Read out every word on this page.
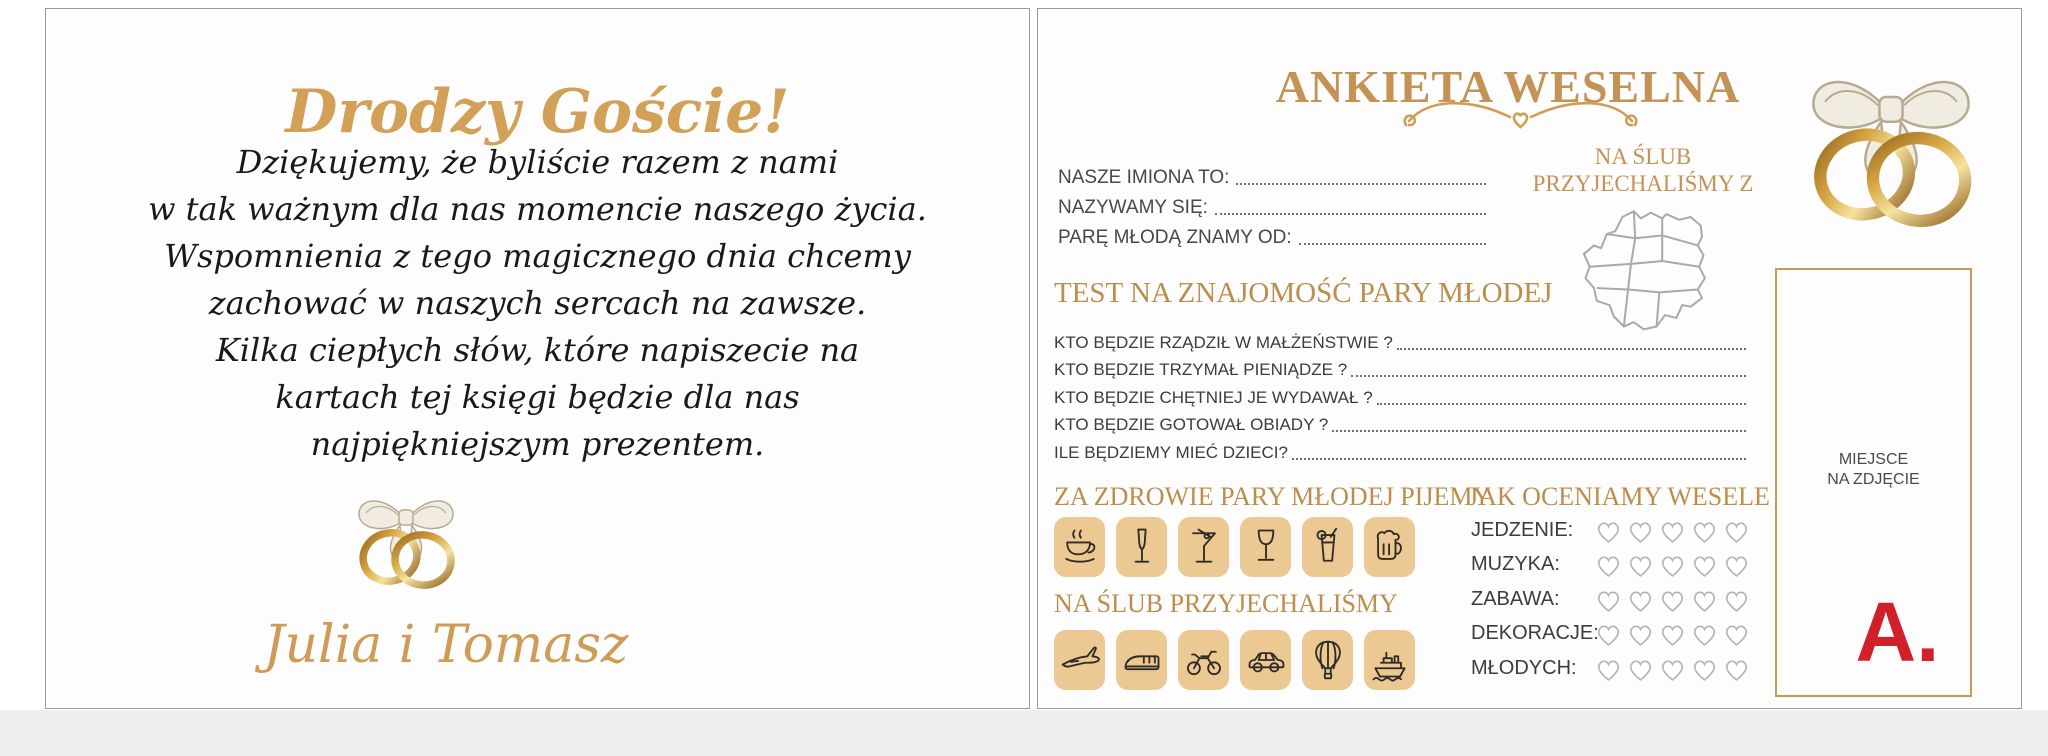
Drodzy Goście!
Dziękujemy, że byliście razem z nami
w tak ważnym dla nas momencie naszego życia.
Wspomnienia z tego magicznego dnia chcemy
zachować w naszych sercach na zawsze.
Kilka ciepłych słów, które napiszecie na
kartach tej księgi będzie dla nas
najpiękniejszym prezentem.
Julia i Tomasz
ANKIETA WESELNA
NA ŚLUB
PRZYJECHALIŚMY Z
NASZE IMIONA TO:
NAZYWAMY SIĘ:
PARĘ MŁODĄ ZNAMY OD:
TEST NA ZNAJOMOŚĆ PARY MŁODEJ
KTO BĘDZIE RZĄDZIŁ W MAŁŻEŃSTWIE ?
KTO BĘDZIE TRZYMAŁ PIENIĄDZE ?
KTO BĘDZIE CHĘTNIEJ JE WYDAWAŁ ?
KTO BĘDZIE GOTOWAŁ OBIADY ?
ILE BĘDZIEMY MIEĆ DZIECI?
ZA ZDROWIE PARY MŁODEJ PIJEMY
NA ŚLUB PRZYJECHALIŚMY
JAK OCENIAMY WESELE
JEDZENIE:
MUZYKA:
ZABAWA:
DEKORACJE:
MŁODYCH:
MIEJSCE
NA ZDJĘCIE
A.
